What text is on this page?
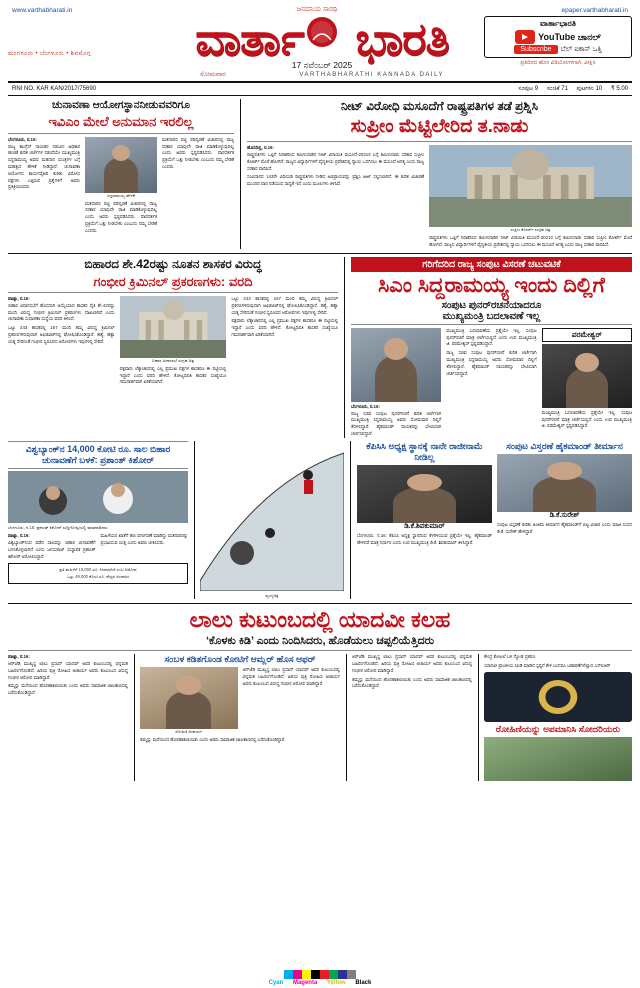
www.varthabharati.in	ಜನದನಿಯ ಸಾರಥಿ	epaper.varthabharati.in
ಮಂಗಳೂರು • ಬೆಂಗಳೂರು • ಶಿವಮೊಗ್ಗ	ವಾರ್ತಾ ಭಾರತಿ
17 ನವೆಂಬರ್ 2025
ಸೋಮವಾರ	VARTHABHARATHI KANNADA DAILY
ವಾರ್ತಾಭಾರತಿ
YouTube ಚಾನಲ್
Subscribe	ಬೆಲ್ ಐಕಾನ್ ಒತ್ತಿ
ಪ್ರತಿದಿನದ ಹೊಸ ವಿಡಿಯೋಗಳಿಗಾಗಿ, ವೀಕ್ಷಿಸಿ
RNI NO. KAR KAN/2017/75690	ಸಂಪುಟ 9 ಸಂಚಿಕೆ 71 ಪುಟಗಳು 10 ₹ 5.00
ಚುನಾವಣಾ ಆಯೋಗಸ್ಥಾನನೀಡುವವರಿಗೂ
ಇವಿಎಂ ಮೇಲೆ ಅನುಮಾನ ಇರಲಿಲ್ಲ
ಬೆಂಗಳೂರು, ನ.16:
ರಾಜ್ಯ ಕಾಂಗ್ರೆಸ್ ನಾಯಕರ ನಡುವಿನ ಅಧಿಕಾರ ಹಂಚಿಕೆ ಕುರಿತ ಚರ್ಚೆಗಳ ನಡುವೆಯೇ ಮುಖ್ಯಮಂತ್ರಿ ಸಿದ್ದರಾಮಯ್ಯ ಅವರು ಮತದಾನ ಯಂತ್ರಗಳ ಬಗ್ಗೆ ಮಹತ್ವದ ಹೇಳಿಕೆ ನೀಡಿದ್ದಾರೆ. ಚುನಾವಣಾ ಆಯೋಗದ ಕಾರ್ಯವೈಖರಿ ಕುರಿತು ವಿರೋಧ ಪಕ್ಷಗಳು ಎತ್ತಿರುವ ಪ್ರಶ್ನೆಗಳಿಗೆ ಅವರು ಪ್ರತಿಕ್ರಿಯಿಸಿದರು.
ಸಿದ್ದರಾಮಯ್ಯ ಹೇಳಿಕೆ
ಮತದಾರರ ಪಟ್ಟಿ ಪರಿಷ್ಕರಣೆ ವಿಚಾರದಲ್ಲಿ ರಾಜ್ಯ ಸರಕಾರ ಯಾವುದೇ ರಾಜಿ ಮಾಡಿಕೊಳ್ಳುವುದಿಲ್ಲ ಎಂದು ಅವರು ಸ್ಪಷ್ಟಪಡಿಸಿದರು. ಪಾರದರ್ಶಕ ಪ್ರಕ್ರಿಯೆಗೆ ಒತ್ತು ನೀಡಬೇಕು ಎಂಬುದು ನಮ್ಮ ಬೇಡಿಕೆ ಎಂದರು.
ಮತದಾರರ ಪಟ್ಟಿ ಪರಿಷ್ಕರಣೆ ವಿಚಾರದಲ್ಲಿ ರಾಜ್ಯ ಸರಕಾರ ಯಾವುದೇ ರಾಜಿ ಮಾಡಿಕೊಳ್ಳುವುದಿಲ್ಲ ಎಂದು ಅವರು ಸ್ಪಷ್ಟಪಡಿಸಿದರು. ಪಾರದರ್ಶಕ ಪ್ರಕ್ರಿಯೆಗೆ ಒತ್ತು ನೀಡಬೇಕು ಎಂಬುದು ನಮ್ಮ ಬೇಡಿಕೆ ಎಂದರು.
ನೀಟ್ ವಿರೋಧಿ ಮಸೂದೆಗೆ ರಾಷ್ಟ್ರಪತಿಗಳ ತಡೆ ಪ್ರಶ್ನಿಸಿ
ಸುಪ್ರೀಂ ಮೆಟ್ಟಿಲೇರಿದ ತ.ನಾಡು
ಹೊಸದಿಲ್ಲಿ, ನ.16:
ರಾಷ್ಟ್ರಪತಿಗಳು ಒಪ್ಪಿಗೆ ನಿರಾಕರಿಸಿದ ತಮಿಳುನಾಡಿನ ನೀಟ್ ವಿನಾಯಿತಿ ಮಸೂದೆ-2021ರ ಬಗ್ಗೆ ತಮಿಳುನಾಡು ಸರಕಾರ ಸುಪ್ರೀಂ ಕೋರ್ಟ್ ಮೊರೆ ಹೋಗಿದೆ. ರಾಜ್ಯದ ವಿದ್ಯಾರ್ಥಿಗಳಿಗೆ ವೈದ್ಯಕೀಯ ಪ್ರವೇಶದಲ್ಲಿ ನ್ಯಾಯ ಒದಗಿಸಲು ಈ ಮಸೂದೆ ಅಗತ್ಯ ಎಂದು ರಾಜ್ಯ ಸರಕಾರ ವಾದಿಸಿದೆ.
ಸಂವಿಧಾನದ 143ನೇ ವಿಧಿಯಡಿ ರಾಷ್ಟ್ರಪತಿಗಳು ನೀಡಿದ ಅಭಿಪ್ರಾಯವನ್ನು ಪ್ರಶ್ನಿಸಿ ಅರ್ಜಿ ಸಲ್ಲಿಸಲಾಗಿದೆ. ಈ ಕುರಿತ ವಿಚಾರಣೆ ಮುಂದಿನ ವಾರ ನಡೆಯುವ ಸಾಧ್ಯತೆ ಇದೆ ಎಂದು ಮೂಲಗಳು ತಿಳಿಸಿವೆ.
ಸುಪ್ರೀಂ ಕೋರ್ಟ್ ಸಂಗ್ರಹ ಚಿತ್ರ
ರಾಷ್ಟ್ರಪತಿಗಳು ಒಪ್ಪಿಗೆ ನಿರಾಕರಿಸಿದ ತಮಿಳುನಾಡಿನ ನೀಟ್ ವಿನಾಯಿತಿ ಮಸೂದೆ-2021ರ ಬಗ್ಗೆ ತಮಿಳುನಾಡು ಸರಕಾರ ಸುಪ್ರೀಂ ಕೋರ್ಟ್ ಮೊರೆ ಹೋಗಿದೆ. ರಾಜ್ಯದ ವಿದ್ಯಾರ್ಥಿಗಳಿಗೆ ವೈದ್ಯಕೀಯ ಪ್ರವೇಶದಲ್ಲಿ ನ್ಯಾಯ ಒದಗಿಸಲು ಈ ಮಸೂದೆ ಅಗತ್ಯ ಎಂದು ರಾಜ್ಯ ಸರಕಾರ ವಾದಿಸಿದೆ.
ಬಿಹಾರದ ಶೇ.42ರಷ್ಟು ನೂತನ ಶಾಸಕರ ವಿರುದ್ಧ
ಗಂಭೀರ ಕ್ರಿಮಿನಲ್ ಪ್ರಕರಣಗಳು: ವರದಿ
ಪಾಟ್ನಾ, ನ.16:
ಬಿಹಾರ ವಿಧಾನಸಭೆಗೆ ಹೊಸದಾಗಿ ಆಯ್ಕೆಯಾದ ಶಾಸಕರ ಪೈಕಿ ಶೇ.42ರಷ್ಟು ಮಂದಿ ವಿರುದ್ಧ ಗಂಭೀರ ಕ್ರಿಮಿನಲ್ ಪ್ರಕರಣಗಳು ದಾಖಲಾಗಿವೆ ಎಂದು ಚುನಾವಣಾ ಸುಧಾರಣಾ ಸಂಸ್ಥೆಯ ವರದಿ ತಿಳಿಸಿದೆ.
ಒಟ್ಟು 243 ಶಾಸಕರಲ್ಲಿ 167 ಮಂದಿ ತಮ್ಮ ವಿರುದ್ಧ ಕ್ರಿಮಿನಲ್ ಪ್ರಕರಣಗಳಿರುವುದಾಗಿ ಅಫಿಡವಿಟ್‌ನಲ್ಲಿ ಘೋಷಿಸಿಕೊಂಡಿದ್ದಾರೆ. ಹತ್ಯೆ, ಹತ್ಯಾ ಯತ್ನ ಸೇರಿದಂತೆ ಗಂಭೀರ ಸ್ವರೂಪದ ಆರೋಪಗಳು ಇವುಗಳಲ್ಲಿ ಸೇರಿವೆ.
ಬಿಹಾರ ವಿಧಾನಸಭೆ ಸಂಗ್ರಹ ಚಿತ್ರ
ಪಕ್ಷವಾರು ಲೆಕ್ಕಾಚಾರದಲ್ಲಿ ಎಲ್ಲ ಪ್ರಮುಖ ಪಕ್ಷಗಳ ಶಾಸಕರೂ ಈ ಪಟ್ಟಿಯಲ್ಲಿ ಇದ್ದಾರೆ ಎಂದು ವರದಿ ಹೇಳಿದೆ. ಕೋಟ್ಯಧಿಪತಿ ಶಾಸಕರ ಸಂಖ್ಯೆಯೂ ಗಮನಾರ್ಹವಾಗಿ ಏರಿಕೆಯಾಗಿದೆ.
ಒಟ್ಟು 243 ಶಾಸಕರಲ್ಲಿ 167 ಮಂದಿ ತಮ್ಮ ವಿರುದ್ಧ ಕ್ರಿಮಿನಲ್ ಪ್ರಕರಣಗಳಿರುವುದಾಗಿ ಅಫಿಡವಿಟ್‌ನಲ್ಲಿ ಘೋಷಿಸಿಕೊಂಡಿದ್ದಾರೆ. ಹತ್ಯೆ, ಹತ್ಯಾ ಯತ್ನ ಸೇರಿದಂತೆ ಗಂಭೀರ ಸ್ವರೂಪದ ಆರೋಪಗಳು ಇವುಗಳಲ್ಲಿ ಸೇರಿವೆ.
ಪಕ್ಷವಾರು ಲೆಕ್ಕಾಚಾರದಲ್ಲಿ ಎಲ್ಲ ಪ್ರಮುಖ ಪಕ್ಷಗಳ ಶಾಸಕರೂ ಈ ಪಟ್ಟಿಯಲ್ಲಿ ಇದ್ದಾರೆ ಎಂದು ವರದಿ ಹೇಳಿದೆ. ಕೋಟ್ಯಧಿಪತಿ ಶಾಸಕರ ಸಂಖ್ಯೆಯೂ ಗಮನಾರ್ಹವಾಗಿ ಏರಿಕೆಯಾಗಿದೆ.
ಗರಿಗೆದರಿದ ರಾಜ್ಯ ಸಂಪುಟ ವಿಸರಣೆ ಚಟುವಟಿಕೆ
ಸಿಎಂ ಸಿದ್ದರಾಮಯ್ಯ ಇಂದು ದಿಲ್ಲಿಗೆ
ಸಂಪುಟ ಪುನರ್‌ರಚನೆಯಾದರೂ
ಮುಖ್ಯಮಂತ್ರಿ ಬದಲಾವಣೆ ಇಲ್ಲ
ಬೆಂಗಳೂರು, ನ.16:
ರಾಜ್ಯ ಸಚಿವ ಸಂಪುಟ ಪುನರ್‌ರಚನೆ ಕುರಿತ ಚರ್ಚೆಗಾಗಿ ಮುಖ್ಯಮಂತ್ರಿ ಸಿದ್ದರಾಮಯ್ಯ ಅವರು ಸೋಮವಾರ ದಿಲ್ಲಿಗೆ ತೆರಳಲಿದ್ದಾರೆ. ಹೈಕಮಾಂಡ್ ನಾಯಕರನ್ನು ಭೇಟಿಯಾಗಿ ಚರ್ಚಿಸಲಿದ್ದಾರೆ.
ಮುಖ್ಯಮಂತ್ರಿ ಬದಲಾವಣೆಯ ಪ್ರಶ್ನೆಯೇ ಇಲ್ಲ. ಸಂಪುಟ ಪುನರ್‌ರಚನೆ ಮಾತ್ರ ಚರ್ಚೆಯಲ್ಲಿದೆ ಎಂದು ಉಪ ಮುಖ್ಯಮಂತ್ರಿ ಜಿ. ಪರಮೇಶ್ವರ್ ಸ್ಪಷ್ಟಪಡಿಸಿದ್ದಾರೆ.
ರಾಜ್ಯ ಸಚಿವ ಸಂಪುಟ ಪುನರ್‌ರಚನೆ ಕುರಿತ ಚರ್ಚೆಗಾಗಿ ಮುಖ್ಯಮಂತ್ರಿ ಸಿದ್ದರಾಮಯ್ಯ ಅವರು ಸೋಮವಾರ ದಿಲ್ಲಿಗೆ ತೆರಳಲಿದ್ದಾರೆ. ಹೈಕಮಾಂಡ್ ನಾಯಕರನ್ನು ಭೇಟಿಯಾಗಿ ಚರ್ಚಿಸಲಿದ್ದಾರೆ.
ಪರಮೇಶ್ವರ್
ಮುಖ್ಯಮಂತ್ರಿ ಬದಲಾವಣೆಯ ಪ್ರಶ್ನೆಯೇ ಇಲ್ಲ. ಸಂಪುಟ ಪುನರ್‌ರಚನೆ ಮಾತ್ರ ಚರ್ಚೆಯಲ್ಲಿದೆ ಎಂದು ಉಪ ಮುಖ್ಯಮಂತ್ರಿ ಜಿ. ಪರಮೇಶ್ವರ್ ಸ್ಪಷ್ಟಪಡಿಸಿದ್ದಾರೆ.
ವಿಶ್ವಬ್ಯಾಂಕ್‌ನ 14,000 ಕೋಟಿ ರೂ. ಸಾಲ ಬಿಹಾರ ಚುನಾವಣೆಗೆ ಬಳಕೆ: ಪ್ರಶಾಂತ್ ಕಿಶೋರ್
ಬೆಂಗಳೂರು, ನ.16: ಪ್ರಶಾಂತ್ ಕಿಶೋರ್ ಸುದ್ದಿಗೋಷ್ಠಿಯಲ್ಲಿ ಮಾತನಾಡಿದರು
ಪಾಟ್ನಾ, ನ.16:
ವಿಶ್ವಬ್ಯಾಂಕ್‌ನಿಂದ ಪಡೆದ ಸಾಲವನ್ನು ಬಿಹಾರ ಚುನಾವಣೆಗೆ ಬಳಸಿಕೊಳ್ಳಲಾಗಿದೆ ಎಂದು ಜನಸುರಾಜ್ ಸಂಸ್ಥಾಪಕ ಪ್ರಶಾಂತ್ ಕಿಶೋರ್ ಆರೋಪಿಸಿದ್ದಾರೆ.
ಮಹಿಳೆಯರ ಖಾತೆಗೆ ಹಣ ವರ್ಗಾವಣೆ ಮಾಡಿದ್ದು ಮತದಾರರನ್ನು ಪ್ರಭಾವಿಸುವ ಯತ್ನ ಎಂದು ಅವರು ಟೀಕಿಸಿದರು.
ಪ್ರತಿ ಮಹಿಳೆಗೆ 10,000 ರೂ. ನೀಡಲಾಗಿದೆ ಎಂಬ ಆರೋಪ
ಒಟ್ಟು 49,000 ಕೋಟಿ ರೂ. ವೆಚ್ಚದ ಅಂದಾಜು
ವ್ಯಂಗ್ಯಚಿತ್ರ
ಕೆಪಿಸಿಸಿ ಅಧ್ಯಕ್ಷ ಸ್ಥಾನಕ್ಕೆ ನಾನೇ ರಾಜೀನಾಮೆ ನೀಡಿಲ್ಲ
ಡಿ.ಕೆ.ಶಿವಕುಮಾರ್
ಬೆಂಗಳೂರು, ನ.16: ಕೆಪಿಸಿಸಿ ಅಧ್ಯಕ್ಷ ಸ್ಥಾನದಿಂದ ಕೆಳಗಿಳಿಯುವ ಪ್ರಶ್ನೆಯೇ ಇಲ್ಲ. ಹೈಕಮಾಂಡ್ ಹೇಳಿದರೆ ಮಾತ್ರ ನಿರ್ಧಾರ ಎಂದು ಉಪ ಮುಖ್ಯಮಂತ್ರಿ ಡಿ.ಕೆ. ಶಿವಕುಮಾರ್ ತಿಳಿಸಿದ್ದಾರೆ.
ಸಂಪುಟ ವಿಸ್ತರಣೆ ಹೈಕಮಾಂಡ್ ತೀರ್ಮಾನ
ಡಿ.ಕೆ.ಸುರೇಶ್
ಸಂಪುಟ ವಿಸ್ತರಣೆ ಕುರಿತು ಅಂತಿಮ ತೀರ್ಮಾನ ಹೈಕಮಾಂಡ್‌ಗೆ ಬಿಟ್ಟ ವಿಚಾರ ಎಂದು ಮಾಜಿ ಸಂಸದ ಡಿ.ಕೆ. ಸುರೇಶ್ ಹೇಳಿದ್ದಾರೆ.
ಲಾಲು ಕುಟುಂಬದಲ್ಲಿ ಯಾದವೀ ಕಲಹ
‘ಕೊಳಕು ಕಿಡಿ’ ಎಂದು ನಿಂದಿಸಿದರು, ಹೊಡೆಯಲು ಚಪ್ಪಲಿಯೆತ್ತಿದರು
ಪಾಟ್ನಾ, ನ.16:
ಆರ್‌ಜೆಡಿ ಮುಖ್ಯಸ್ಥ ಲಾಲು ಪ್ರಸಾದ್ ಯಾದವ್ ಅವರ ಕುಟುಂಬದಲ್ಲಿ ಭಿನ್ನಮತ ಬಹಿರಂಗಗೊಂಡಿದೆ. ಹಿರಿಯ ಪುತ್ರಿ ರೋಹಿಣಿ ಆಚಾರ್ಯ ಅವರು ಕುಟುಂಬದ ವಿರುದ್ಧ ಗಂಭೀರ ಆರೋಪ ಮಾಡಿದ್ದಾರೆ.
ತಮ್ಮನ್ನು ಮನೆಯಿಂದ ಹೊರಹಾಕಲಾಯಿತು ಎಂದು ಅವರು ಸಾಮಾಜಿಕ ಜಾಲತಾಣದಲ್ಲಿ ಬರೆದುಕೊಂಡಿದ್ದಾರೆ.
ಸಂಬಳ ಕಡಿತಗೊಂಡ ಕೋಟಿಗೆ ಆಮ್ಲರ್ ಹೊಸ ಆಫರ್
ರೋಹಿಣಿ ಆಚಾರ್ಯ
ಆರ್‌ಜೆಡಿ ಮುಖ್ಯಸ್ಥ ಲಾಲು ಪ್ರಸಾದ್ ಯಾದವ್ ಅವರ ಕುಟುಂಬದಲ್ಲಿ ಭಿನ್ನಮತ ಬಹಿರಂಗಗೊಂಡಿದೆ. ಹಿರಿಯ ಪುತ್ರಿ ರೋಹಿಣಿ ಆಚಾರ್ಯ ಅವರು ಕುಟುಂಬದ ವಿರುದ್ಧ ಗಂಭೀರ ಆರೋಪ ಮಾಡಿದ್ದಾರೆ.
ತಮ್ಮನ್ನು ಮನೆಯಿಂದ ಹೊರಹಾಕಲಾಯಿತು ಎಂದು ಅವರು ಸಾಮಾಜಿಕ ಜಾಲತಾಣದಲ್ಲಿ ಬರೆದುಕೊಂಡಿದ್ದಾರೆ.
ಆರ್‌ಜೆಡಿ ಮುಖ್ಯಸ್ಥ ಲಾಲು ಪ್ರಸಾದ್ ಯಾದವ್ ಅವರ ಕುಟುಂಬದಲ್ಲಿ ಭಿನ್ನಮತ ಬಹಿರಂಗಗೊಂಡಿದೆ. ಹಿರಿಯ ಪುತ್ರಿ ರೋಹಿಣಿ ಆಚಾರ್ಯ ಅವರು ಕುಟುಂಬದ ವಿರುದ್ಧ ಗಂಭೀರ ಆರೋಪ ಮಾಡಿದ್ದಾರೆ.
ತಮ್ಮನ್ನು ಮನೆಯಿಂದ ಹೊರಹಾಕಲಾಯಿತು ಎಂದು ಅವರು ಸಾಮಾಜಿಕ ಜಾಲತಾಣದಲ್ಲಿ ಬರೆದುಕೊಂಡಿದ್ದಾರೆ.
ಕೇಂದ್ರ ಕೋಟಲೆ ಬಳಿ ನ್ಯೋಢ ಪ್ರಕರಣ
ಯಾದವೀ ಪ್ರಾಂತೀಯ ಸಿಐಡಿ ಮಾಡಿದ ಸ್ಪಷ್ಟನೆ ಕೇಳಿ ಬಂದರೂ ಬಡಾವಣೆಗಳೆಲ್ಲಾದ ಎಸ್‌ಐಆರ್
ರೋಹಿಣಿಯನ್ನು ಅಪಮಾನಿಸಿ ಸೋದರಿಯರು
Cyan Magenta Yellow Black
